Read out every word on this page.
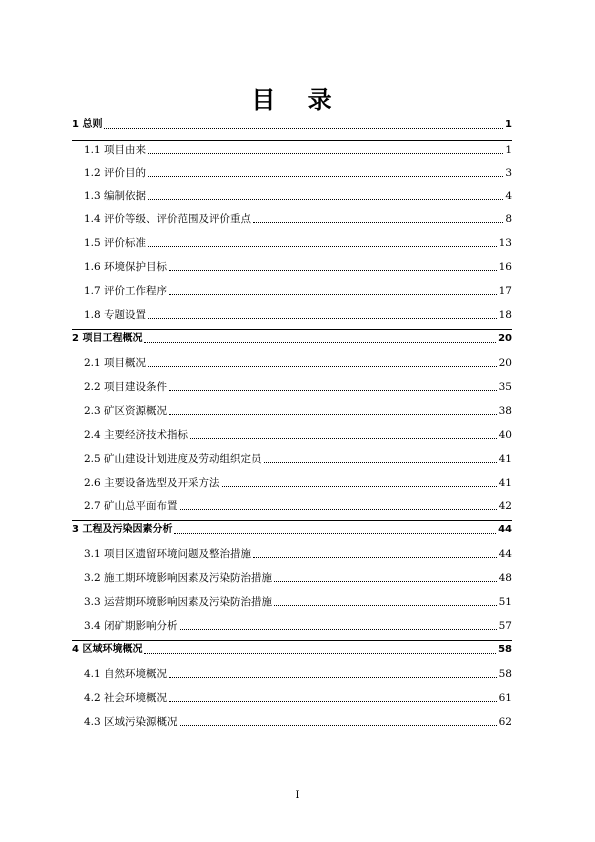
目 录
1 总则	1
1.1 项目由来	1
1.2 评价目的	3
1.3 编制依据	4
1.4 评价等级、评价范围及评价重点	8
1.5 评价标准	13
1.6 环境保护目标	16
1.7 评价工作程序	17
1.8 专题设置	18
2 项目工程概况	20
2.1 项目概况	20
2.2 项目建设条件	35
2.3 矿区资源概况	38
2.4 主要经济技术指标	40
2.5 矿山建设计划进度及劳动组织定员	41
2.6 主要设备选型及开采方法	41
2.7 矿山总平面布置	42
3 工程及污染因素分析	44
3.1 项目区遗留环境问题及整治措施	44
3.2 施工期环境影响因素及污染防治措施	48
3.3 运营期环境影响因素及污染防治措施	51
3.4 闭矿期影响分析	57
4 区域环境概况	58
4.1 自然环境概况	58
4.2 社会环境概况	61
4.3 区域污染源概况	62
I
